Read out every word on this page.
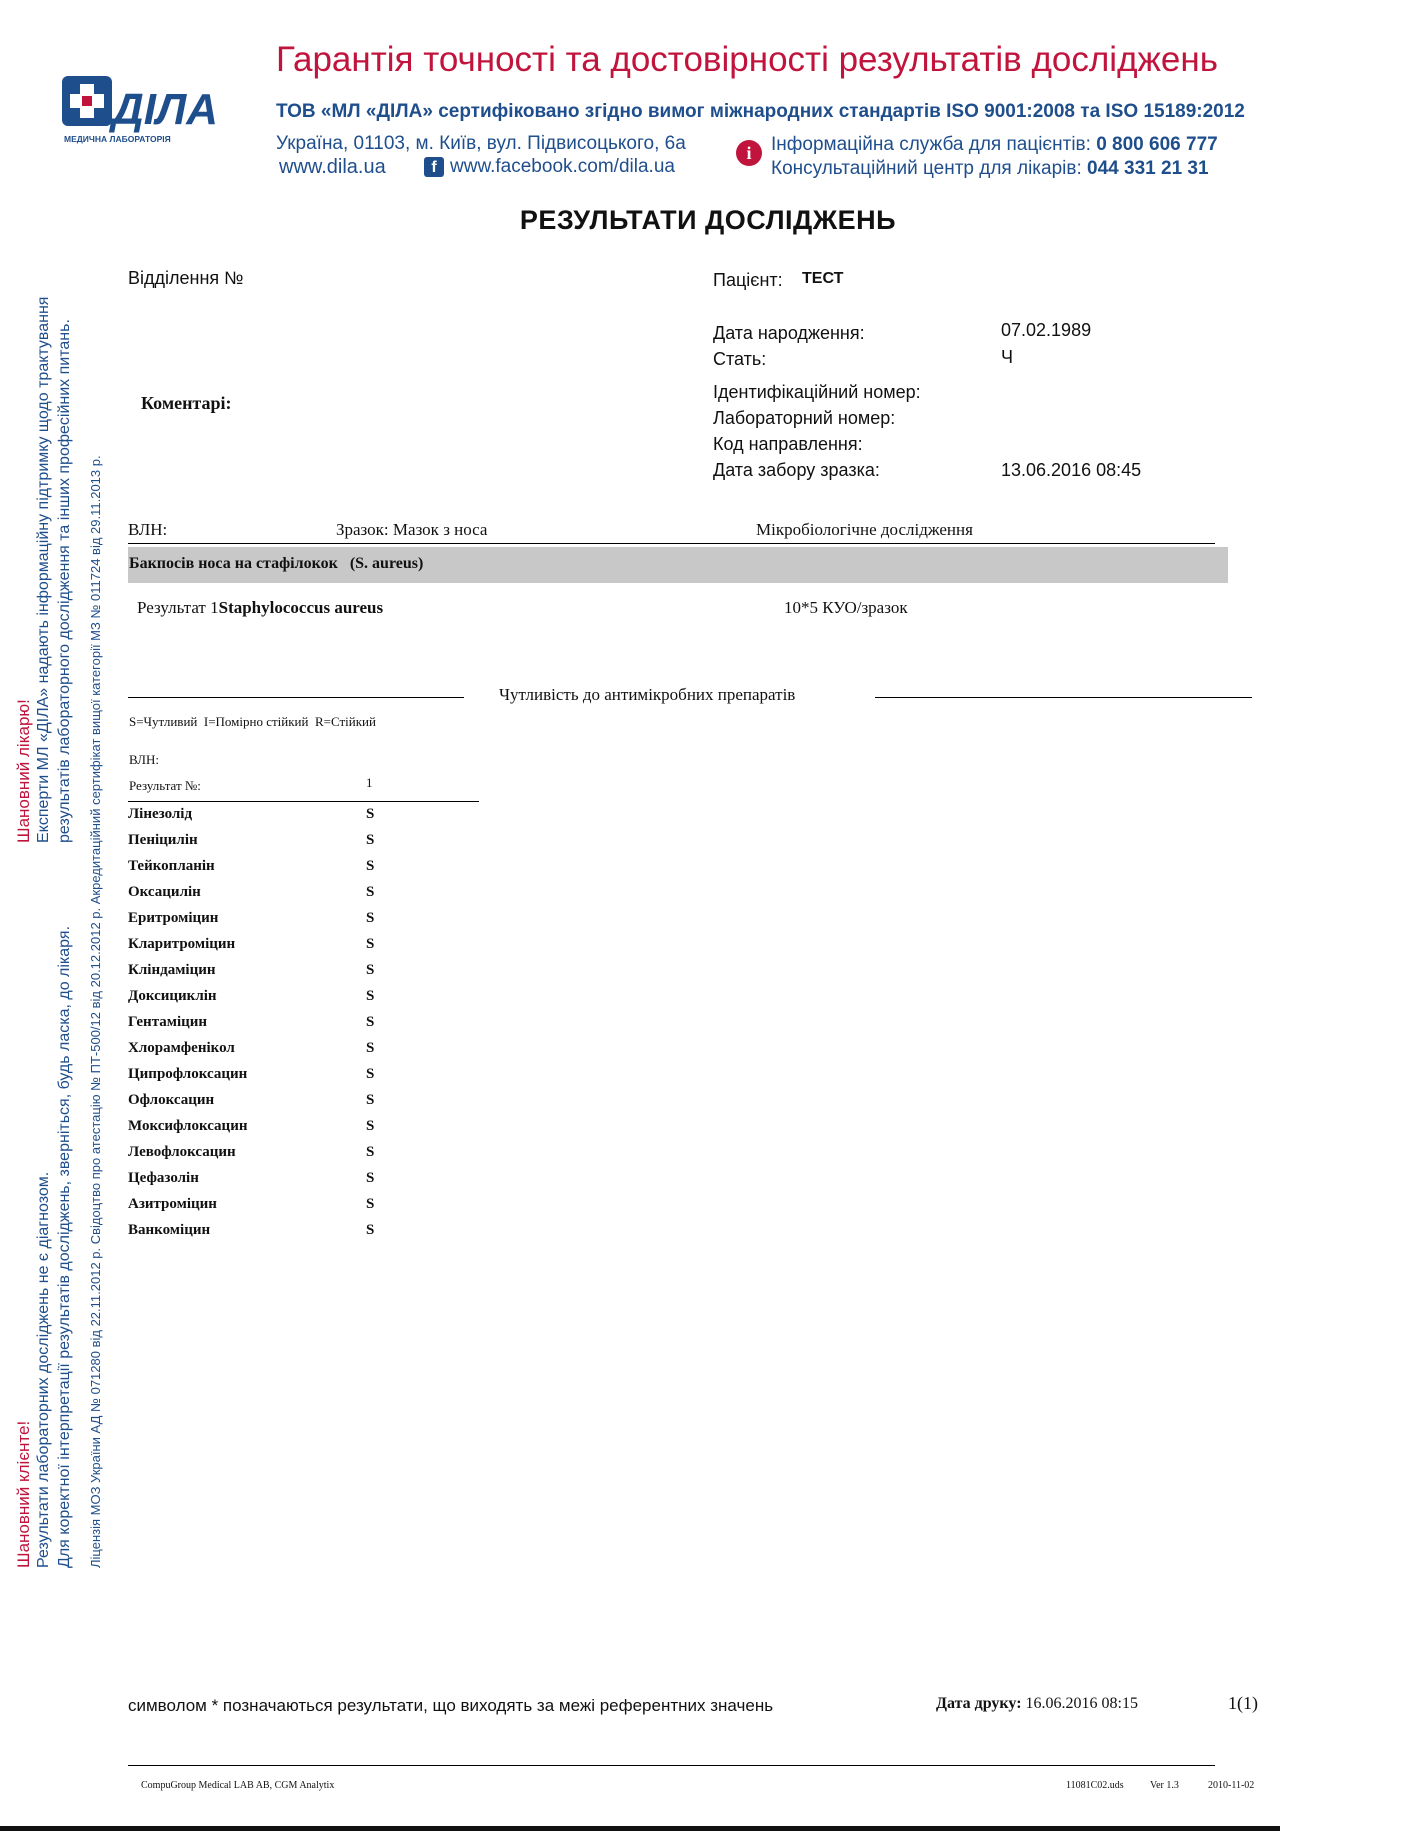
ДІЛА
МЕДИЧНА ЛАБОРАТОРІЯ
Гарантія точності та достовірності результатів досліджень
ТОВ «МЛ «ДІЛА» сертифіковано згідно вимог міжнародних стандартів ISO 9001:2008 та ISO 15189:2012
Україна, 01103, м. Київ, вул. Підвисоцького, 6а
www.dila.ua	f www.facebook.com/dila.ua
i	Інформаційна служба для пацієнтів: 0 800 606 777
Консультаційний центр для лікарів: 044 331 21 31
РЕЗУЛЬТАТИ ДОСЛІДЖЕНЬ
Шановний лікарю! Експерти МЛ «ДІЛА» надають інформаційну підтримку щодо трактування результатів лабораторного дослідження та інших професійних питань.
Шановний клієнте! Результати лабораторних досліджень не є діагнозом. Для коректної інтерпретації результатів досліджень, зверніться, будь ласка, до лікаря. Ліцензія МОЗ України АД № 071280 від 22.11.2012 р. Свідоцтво про атестацію № ПТ-500/12 від 20.12.2012 р. Акредитаційний сертифікат вищої категорії МЗ № 011724 від 29.11.2013 р.
Відділення №
Коментарі:
Пацієнт: ТЕСТ
Дата народження:	07.02.1989
Стать:	Ч
Ідентифікаційний номер:
Лабораторний номер:
Код направлення:
Дата забору зразка:	13.06.2016 08:45
ВЛН:	Зразок: Мазок з носа	Мікробіологічне дослідження
Бакпосів носа на стафілокок (S. aureus)
Результат 1Staphylococcus aureus	10*5 КУО/зразок
Чутливість до антимікробних препаратів
S=Чутливий  I=Помірно стійкий  R=Стійкий
ВЛН:
Результат №:	1
Лінезолід	S
Пеніцилін	S
Тейкопланін	S
Оксацилін	S
Еритроміцин	S
Кларитроміцин	S
Кліндаміцин	S
Доксициклін	S
Гентаміцин	S
Хлорамфенікол	S
Ципрофлоксацин	S
Офлоксацин	S
Моксифлоксацин	S
Левофлоксацин	S
Цефазолін	S
Азитроміцин	S
Ванкоміцин	S
символом * позначаються результати, що виходять за межі референтних значень	Дата друку: 16.06.2016 08:15	1(1)
CompuGroup Medical LAB AB, CGM Analytix	11081C02.uds	Ver 1.3	2010-11-02
